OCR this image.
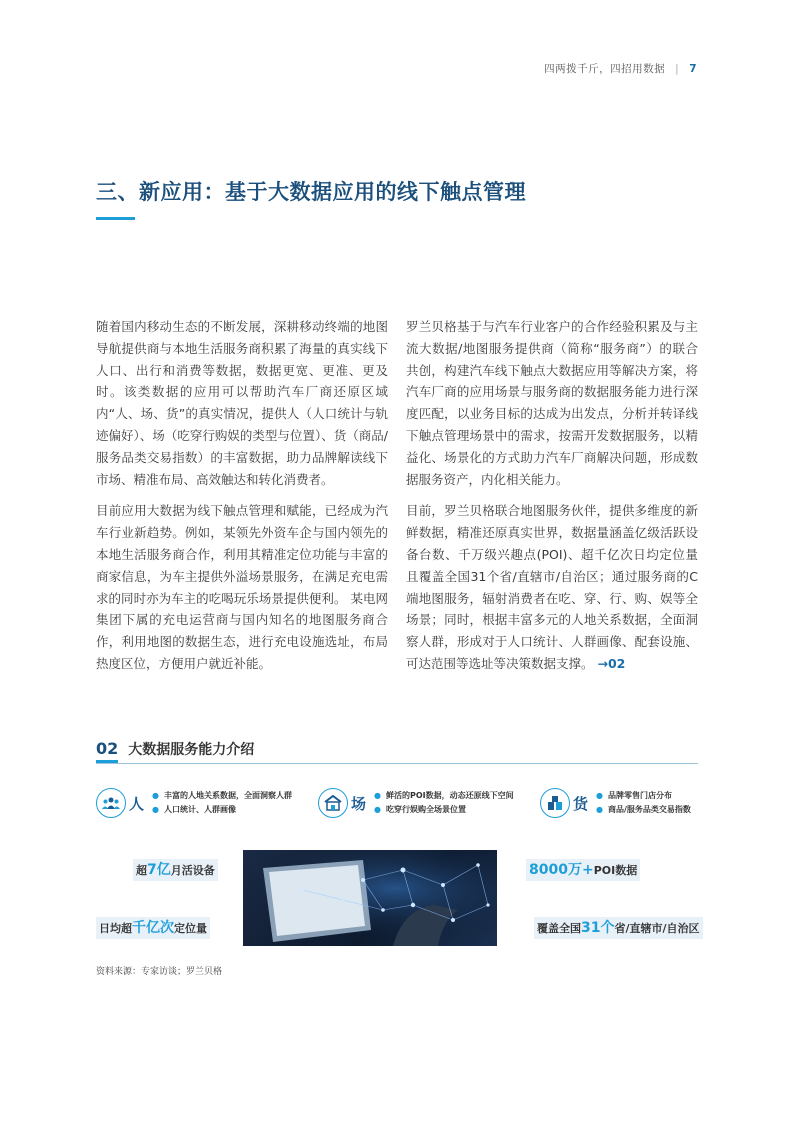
四两拨千斤，四招用数据 | 7
三、新应用：基于大数据应用的线下触点管理

随着国内移动生态的不断发展，深耕移动终端的地图导航提供商与本地生活服务商积累了海量的真实线下人口、出行和消费等数据，数据更宽、更准、更及时。该类数据的应用可以帮助汽车厂商还原区域内“人、场、货”的真实情况，提供人（人口统计与轨迹偏好）、场（吃穿行购娱的类型与位置）、货（商品/服务品类交易指数）的丰富数据，助力品牌解读线下市场、精准布局、高效触达和转化消费者。

目前应用大数据为线下触点管理和赋能，已经成为汽车行业新趋势。例如，某领先外资车企与国内领先的本地生活服务商合作，利用其精准定位功能与丰富的商家信息，为车主提供外溢场景服务，在满足充电需求的同时亦为车主的吃喝玩乐场景提供便利。 某电网集团下属的充电运营商与国内知名的地图服务商合作，利用地图的数据生态，进行充电设施选址，布局热度区位，方便用户就近补能。

罗兰贝格基于与汽车行业客户的合作经验积累及与主流大数据/地图服务提供商（简称“服务商”）的联合共创，构建汽车线下触点大数据应用等解决方案，将汽车厂商的应用场景与服务商的数据服务能力进行深度匹配，以业务目标的达成为出发点，分析并转译线下触点管理场景中的需求，按需开发数据服务，以精益化、场景化的方式助力汽车厂商解决问题，形成数据服务资产，内化相关能力。

目前，罗兰贝格联合地图服务伙伴，提供多维度的新鲜数据，精准还原真实世界，数据量涵盖亿级活跃设备台数、千万级兴趣点(POI)、超千亿次日均定位量且覆盖全国31个省/直辖市/自治区；通过服务商的C端地图服务，辐射消费者在吃、穿、行、购、娱等全场景；同时，根据丰富多元的人地关系数据，全面洞察人群，形成对于人口统计、人群画像、配套设施、可达范围等选址等决策数据支撑。 →02

02 大数据服务能力介绍
人	● 丰富的人地关系数据，全面洞察人群
● 人口统计、人群画像	场	● 鲜活的POI数据，动态还原线下空间
● 吃穿行娱购全场景位置	货	● 品牌零售门店分布
● 商品/服务品类交易指数
超7亿月活设备
日均超千亿次定位量
8000万+POI数据
覆盖全国31个省/直辖市/自治区
资料来源：专家访谈；罗兰贝格
